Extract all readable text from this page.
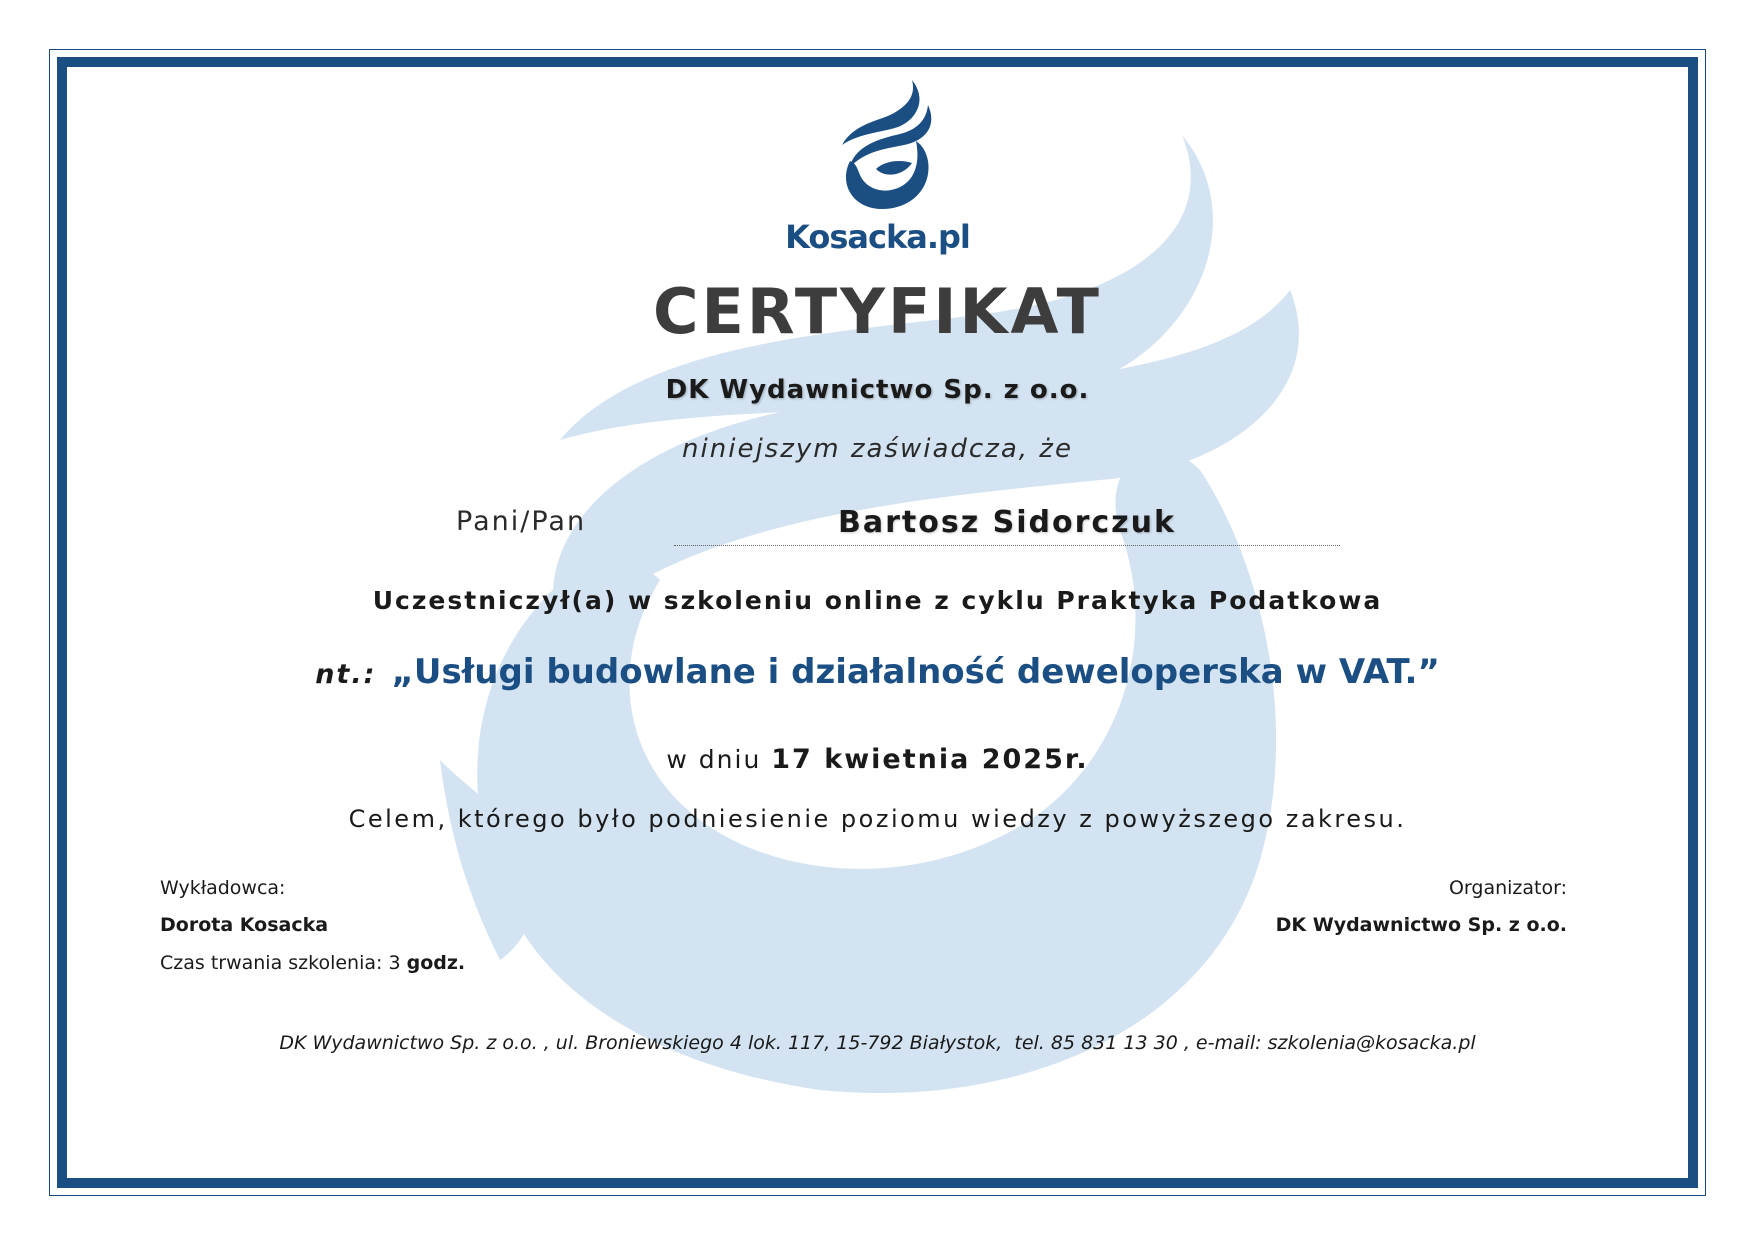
Kosacka.pl
CERTYFIKAT
DK Wydawnictwo Sp. z o.o.
niniejszym zaświadcza, że
Pani/Pan	Bartosz Sidorczuk
Uczestniczył(a) w szkoleniu online z cyklu Praktyka Podatkowa
nt.: „Usługi budowlane i działalność deweloperska w VAT.”
w dniu 17 kwietnia 2025r.
Celem, którego było podniesienie poziomu wiedzy z powyższego zakresu.
Wykładowca:
Dorota Kosacka
Czas trwania szkolenia: 3 godz.
Organizator:
DK Wydawnictwo Sp. z o.o.
DK Wydawnictwo Sp. z o.o. , ul. Broniewskiego 4 lok. 117, 15-792 Białystok,  tel. 85 831 13 30 , e-mail: szkolenia@kosacka.pl
